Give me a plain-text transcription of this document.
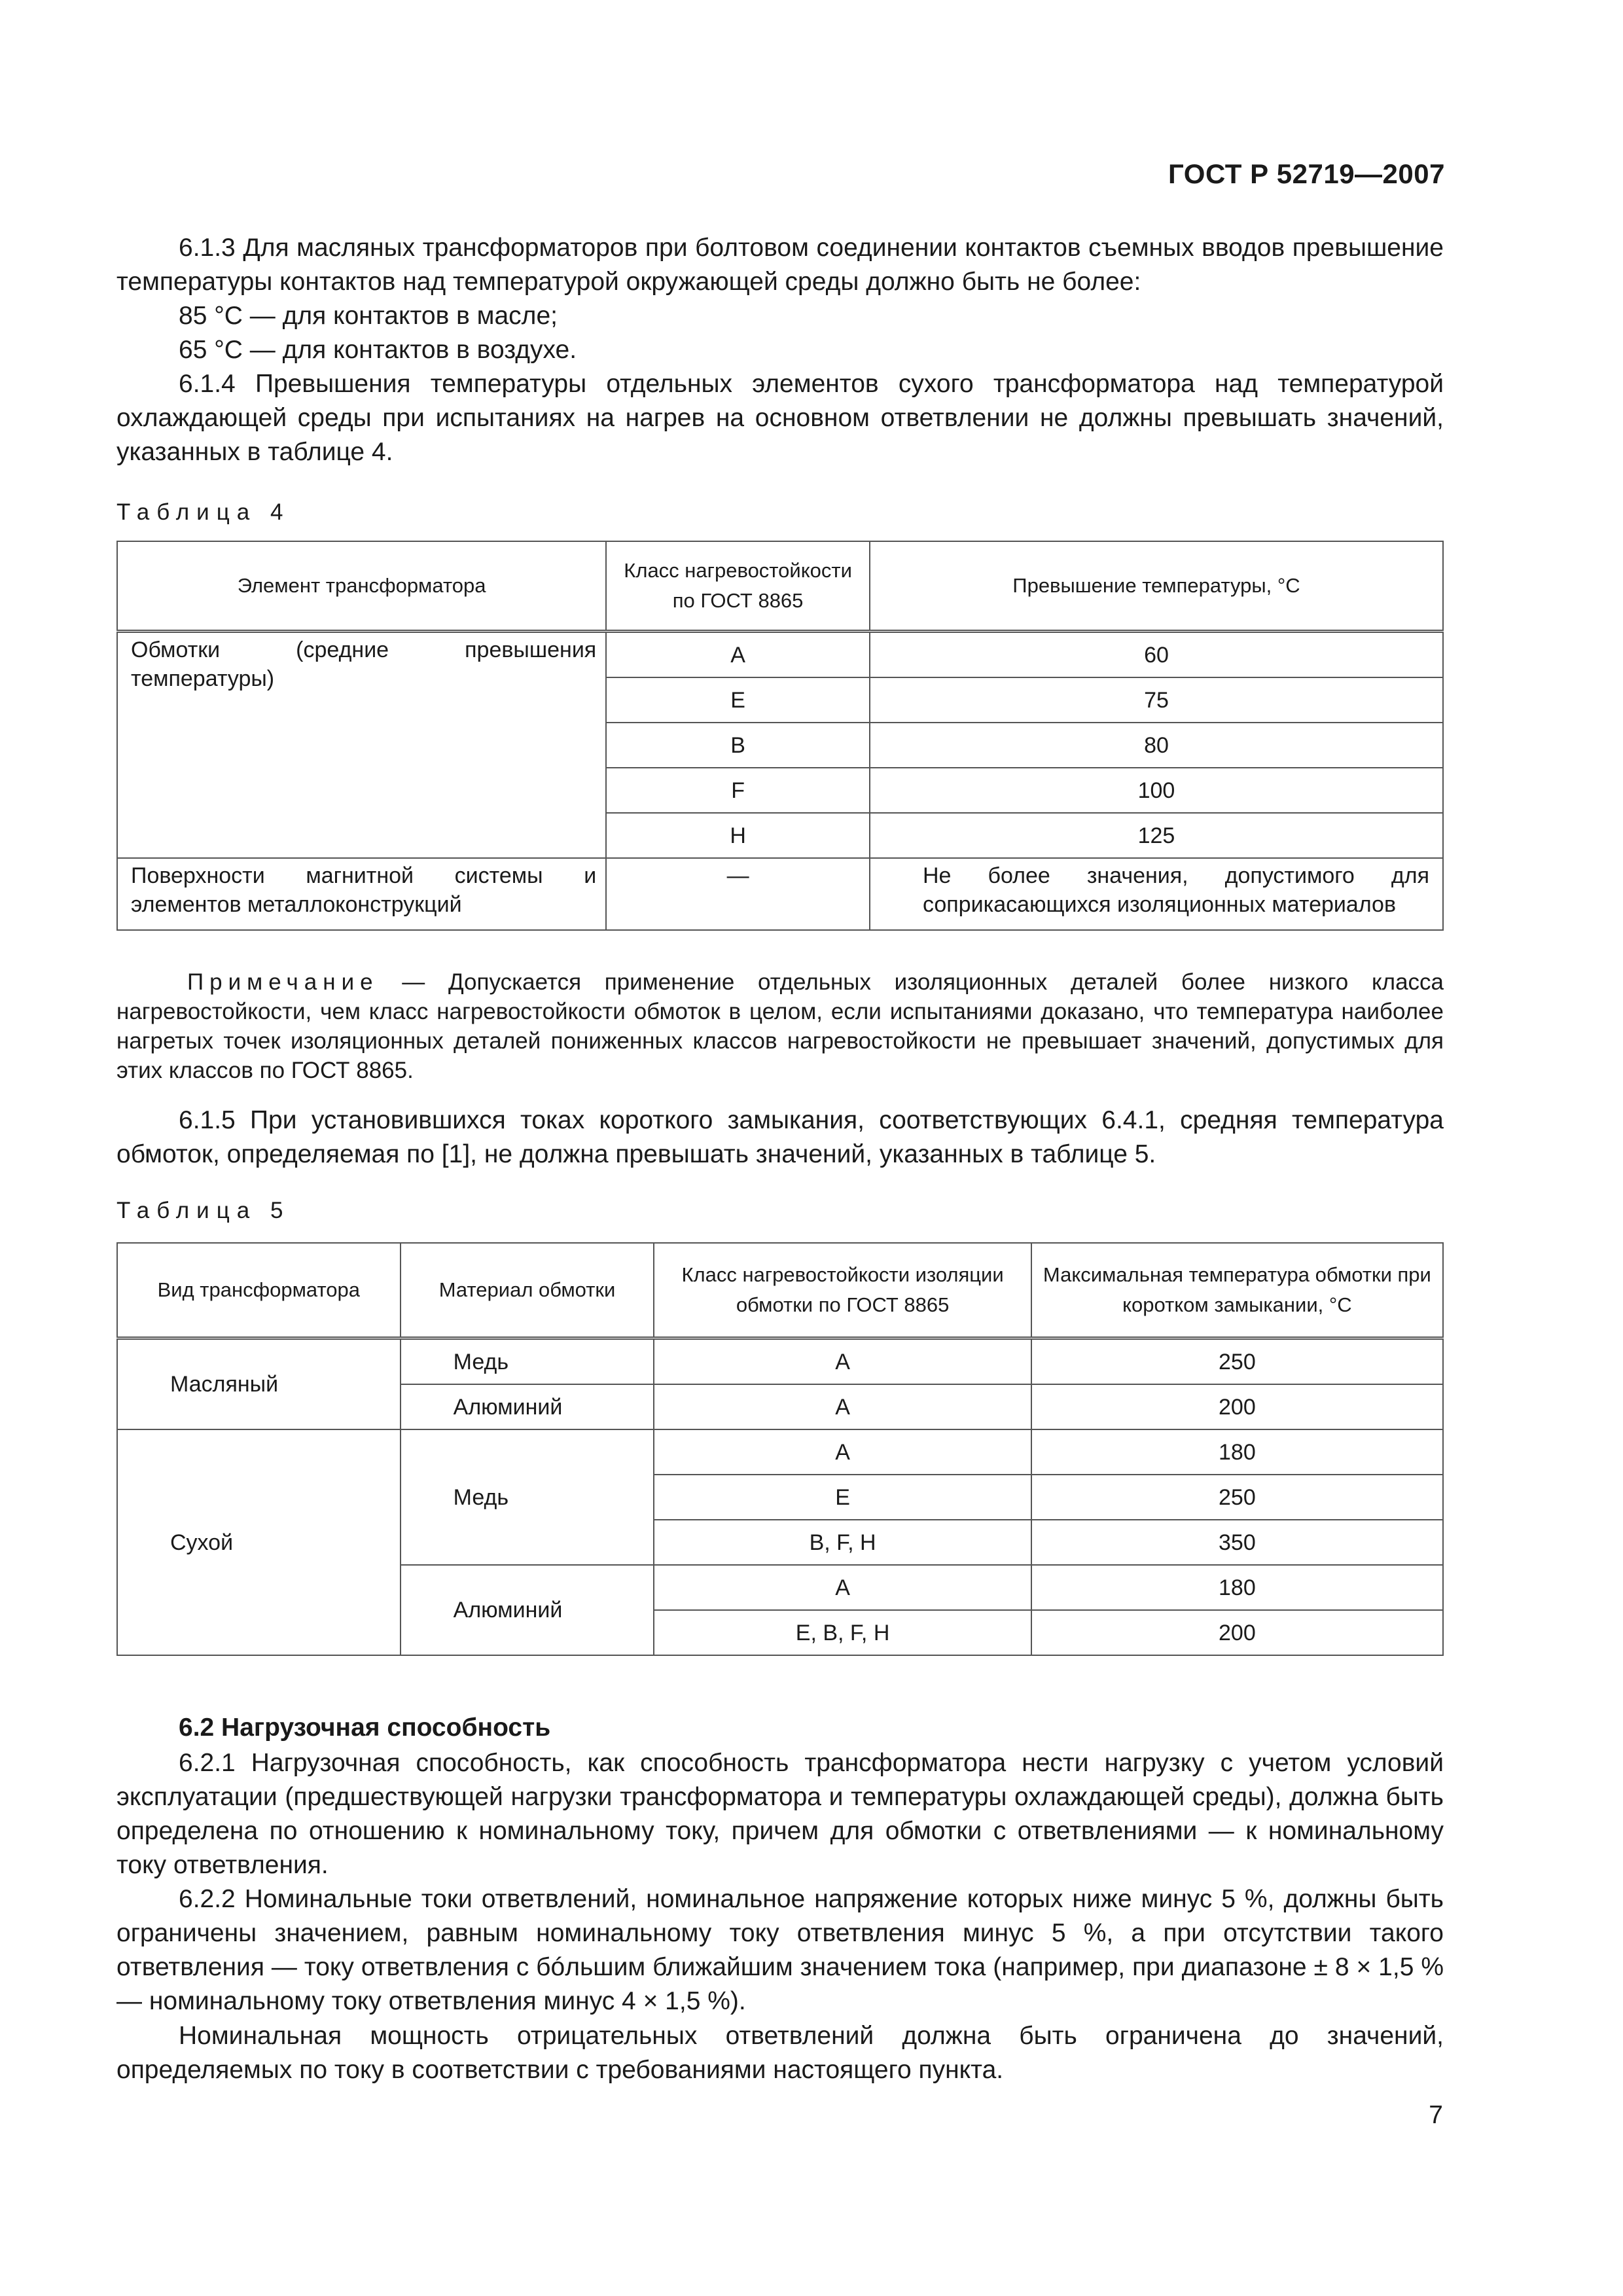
ГОСТ Р 52719—2007
6.1.3 Для масляных трансформаторов при болтовом соединении контактов съемных вводов превышение температуры контактов над температурой окружающей среды должно быть не более:
85 °С — для контактов в масле;
65 °С — для контактов в воздухе.
6.1.4 Превышения температуры отдельных элементов сухого трансформатора над температурой охлаждающей среды при испытаниях на нагрев на основном ответвлении не должны превышать значений, указанных в таблице 4.
Таблица 4
Элемент трансформатора	Класс нагревостойкости по ГОСТ 8865	Превышение температуры, °С
Обмотки (средние превышения температуры)	А	60
	Е	75
	В	80
	F	100
	Н	125
Поверхности магнитной системы и элементов металлоконструкций	—	Не более значения, допустимого для соприкасающихся изоляционных материалов
Примечание — Допускается применение отдельных изоляционных деталей более низкого класса нагревостойкости, чем класс нагревостойкости обмоток в целом, если испытаниями доказано, что температура наиболее нагретых точек изоляционных деталей пониженных классов нагревостойкости не превышает значений, допустимых для этих классов по ГОСТ 8865.
6.1.5 При установившихся токах короткого замыкания, соответствующих 6.4.1, средняя температура обмоток, определяемая по [1], не должна превышать значений, указанных в таблице 5.
Таблица 5
Вид трансформатора	Материал обмотки	Класс нагревостойкости изоляции обмотки по ГОСТ 8865	Максимальная температура обмотки при коротком замыкании, °С
Масляный	Медь	А	250
	Алюминий	А	200
Сухой	Медь	А	180
		Е	250
		В, F, Н	350
	Алюминий	А	180
		Е, В, F, Н	200
6.2 Нагрузочная способность
6.2.1 Нагрузочная способность, как способность трансформатора нести нагрузку с учетом условий эксплуатации (предшествующей нагрузки трансформатора и температуры охлаждающей среды), должна быть определена по отношению к номинальному току, причем для обмотки с ответвлениями — к номинальному току ответвления.
6.2.2 Номинальные токи ответвлений, номинальное напряжение которых ниже минус 5 %, должны быть ограничены значением, равным номинальному току ответвления минус 5 %, а при отсутствии такого ответвления — току ответвления с бóльшим ближайшим значением тока (например, при диапазоне ± 8 × 1,5 % — номинальному току ответвления минус 4 × 1,5 %).
Номинальная мощность отрицательных ответвлений должна быть ограничена до значений, определяемых по току в соответствии с требованиями настоящего пункта.
7
